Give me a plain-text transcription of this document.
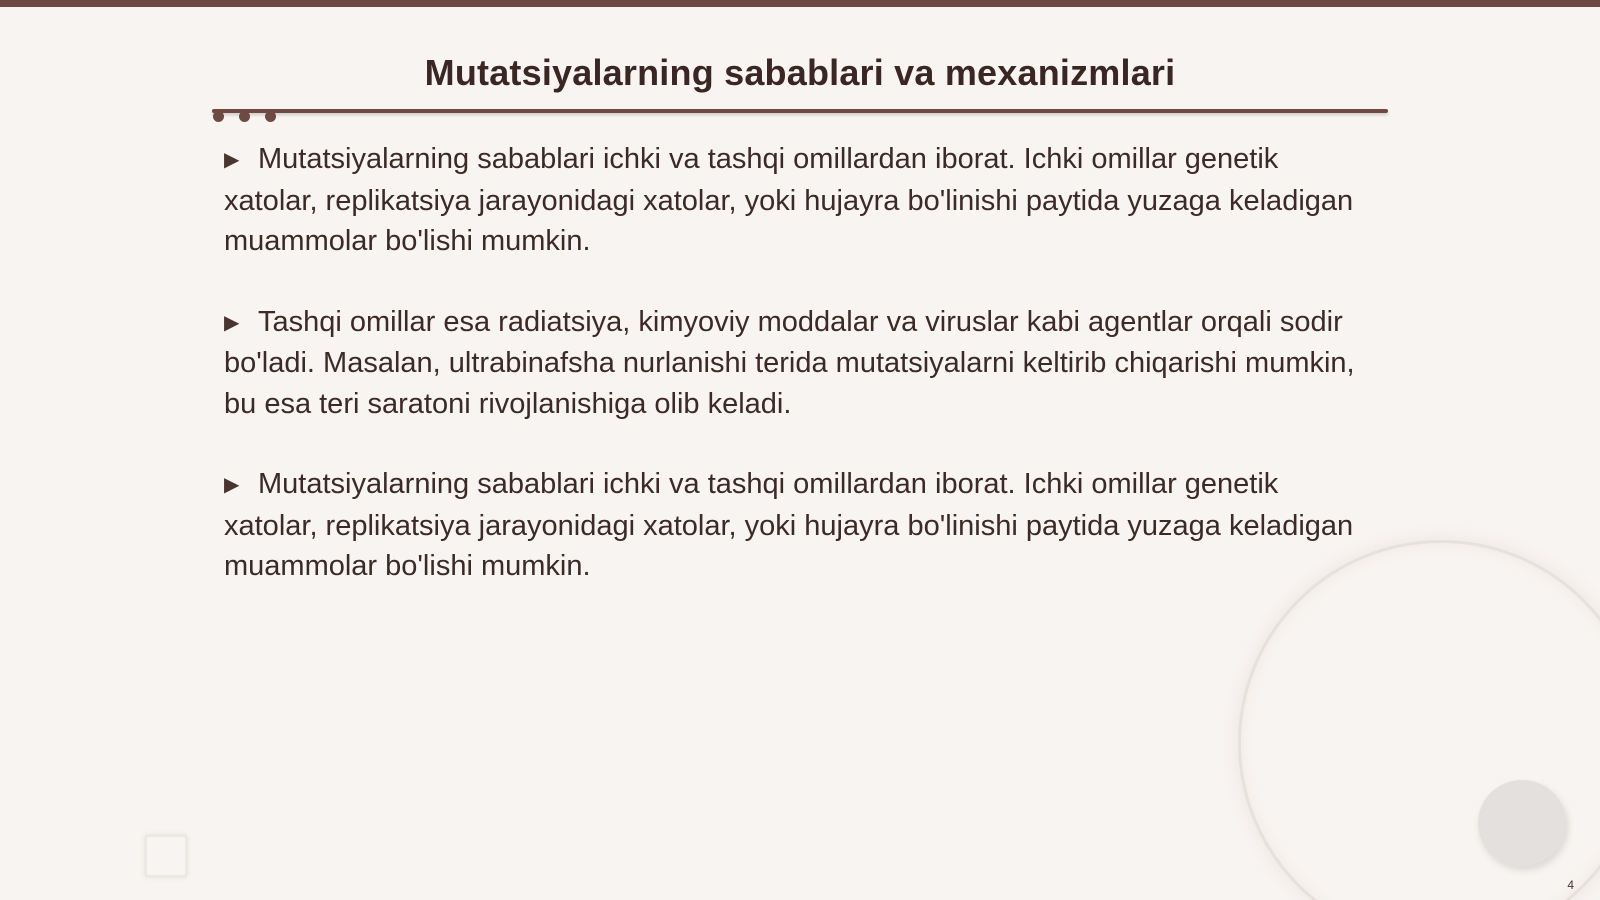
Mutatsiyalarning sabablari va mexanizmlari

▶ Mutatsiyalarning sabablari ichki va tashqi omillardan iborat. Ichki omillar genetik xatolar, replikatsiya jarayonidagi xatolar, yoki hujayra bo'linishi paytida yuzaga keladigan muammolar bo'lishi mumkin.

▶ Tashqi omillar esa radiatsiya, kimyoviy moddalar va viruslar kabi agentlar orqali sodir bo'ladi. Masalan, ultrabinafsha nurlanishi terida mutatsiyalarni keltirib chiqarishi mumkin, bu esa teri saratoni rivojlanishiga olib keladi.

▶ Mutatsiyalarning sabablari ichki va tashqi omillardan iborat. Ichki omillar genetik xatolar, replikatsiya jarayonidagi xatolar, yoki hujayra bo'linishi paytida yuzaga keladigan muammolar bo'lishi mumkin.

4
